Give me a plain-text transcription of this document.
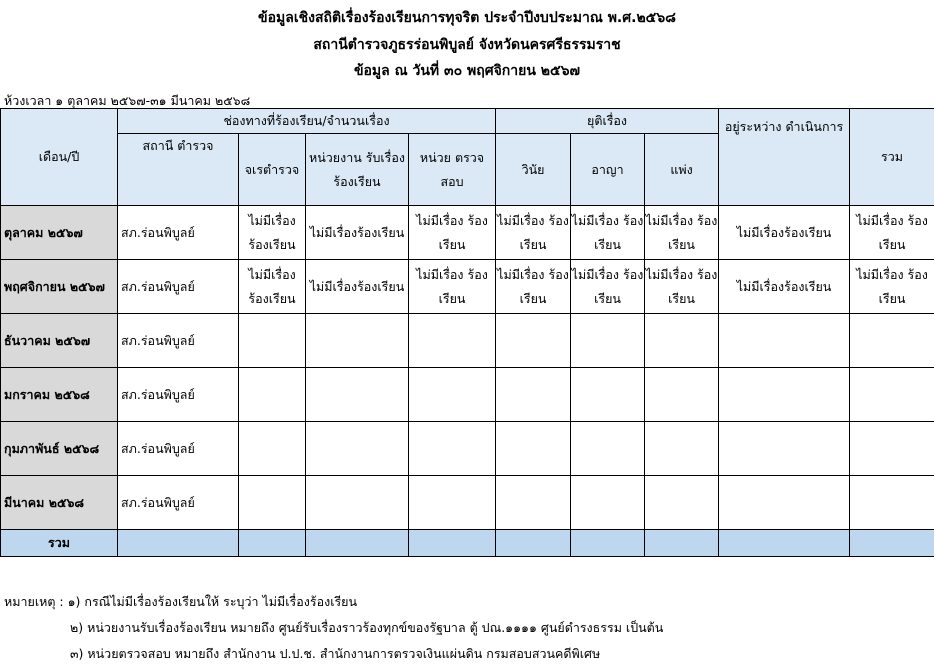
ข้อมูลเชิงสถิติเรื่องร้องเรียนการทุจริต ประจำปีงบประมาณ พ.ศ.๒๕๖๘
สถานีตำรวจภูธรร่อนพิบูลย์ จังหวัดนครศรีธรรมราช
ข้อมูล ณ วันที่ ๓๐ พฤศจิกายน ๒๕๖๗
ห้วงเวลา ๑ ตุลาคม ๒๕๖๗-๓๑ มีนาคม ๒๕๖๘
เดือน/ปี	ช่องทางที่ร้องเรียน/จำนวนเรื่อง				ยุติเรื่อง			อยู่ระหว่าง ดำเนินการ	รวม
	สถานี ตำรวจ	จเรตำรวจ	หน่วยงาน รับเรื่อง ร้องเรียน	หน่วย ตรวจสอบ	วินัย	อาญา	แพ่ง		
ตุลาคม ๒๕๖๗	สภ.ร่อนพิบูลย์	ไม่มีเรื่อง ร้องเรียน	ไม่มีเรื่องร้องเรียน	ไม่มีเรื่อง ร้องเรียน	ไม่มีเรื่อง ร้องเรียน	ไม่มีเรื่อง ร้องเรียน	ไม่มีเรื่อง ร้องเรียน	ไม่มีเรื่องร้องเรียน	ไม่มีเรื่อง ร้องเรียน
พฤศจิกายน ๒๕๖๗	สภ.ร่อนพิบูลย์	ไม่มีเรื่อง ร้องเรียน	ไม่มีเรื่องร้องเรียน	ไม่มีเรื่อง ร้องเรียน	ไม่มีเรื่อง ร้องเรียน	ไม่มีเรื่อง ร้องเรียน	ไม่มีเรื่อง ร้องเรียน	ไม่มีเรื่องร้องเรียน	ไม่มีเรื่อง ร้องเรียน
ธันวาคม ๒๕๖๗	สภ.ร่อนพิบูลย์								
มกราคม ๒๕๖๘	สภ.ร่อนพิบูลย์								
กุมภาพันธ์ ๒๕๖๘	สภ.ร่อนพิบูลย์								
มีนาคม ๒๕๖๘	สภ.ร่อนพิบูลย์								
รวม									
หมายเหตุ : ๑) กรณีไม่มีเรื่องร้องเรียนให้ ระบุว่า ไม่มีเรื่องร้องเรียน
๒) หน่วยงานรับเรื่องร้องเรียน หมายถึง ศูนย์รับเรื่องราวร้องทุกข์ของรัฐบาล ตู้ ปณ.๑๑๑๑ ศูนย์ดำรงธรรม เป็นต้น
๓) หน่วยตรวจสอบ หมายถึง สำนักงาน ป.ป.ช. สำนักงานการตรวจเงินแผ่นดิน กรมสอบสวนคดีพิเศษ
